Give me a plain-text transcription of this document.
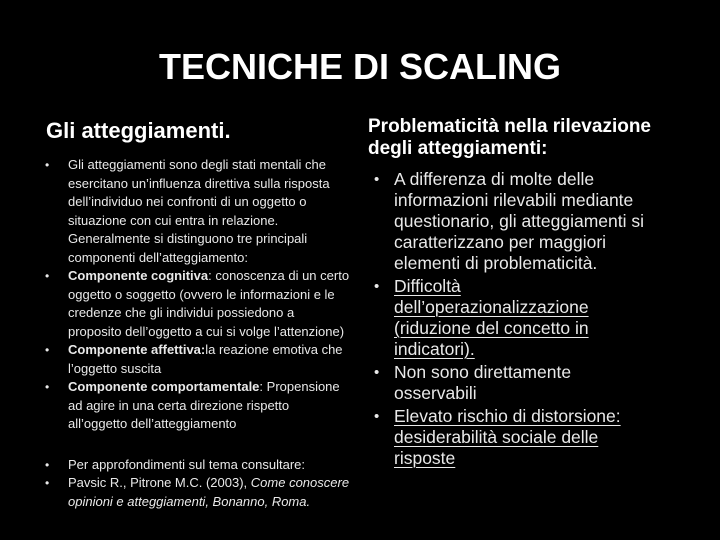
TECNICHE DI SCALING
Gli atteggiamenti.
• Gli atteggiamenti sono degli stati mentali che esercitano un’influenza direttiva sulla risposta dell’individuo nei confronti di un oggetto o situazione con cui entra in relazione. Generalmente si distinguono tre principali componenti dell’atteggiamento:
• Componente cognitiva: conoscenza di un certo oggetto o soggetto (ovvero le informazioni e le credenze che gli individui possiedono a proposito dell’oggetto a cui si volge l’attenzione)
• Componente affettiva:la reazione emotiva che l’oggetto suscita
• Componente comportamentale: Propensione ad agire in una certa direzione rispetto all’oggetto dell’atteggiamento
• Per approfondimenti sul tema consultare:
• Pavsic R., Pitrone M.C. (2003), Come conoscere opinioni e atteggiamenti, Bonanno, Roma.
Problematicità nella rilevazione degli atteggiamenti:
• A differenza di molte delle informazioni rilevabili mediante questionario, gli atteggiamenti si caratterizzano per maggiori elementi di problematicità.
• Difficoltà dell’operazionalizzazione (riduzione del concetto in indicatori).
• Non sono direttamente osservabili
• Elevato rischio di distorsione: desiderabilità sociale delle risposte
